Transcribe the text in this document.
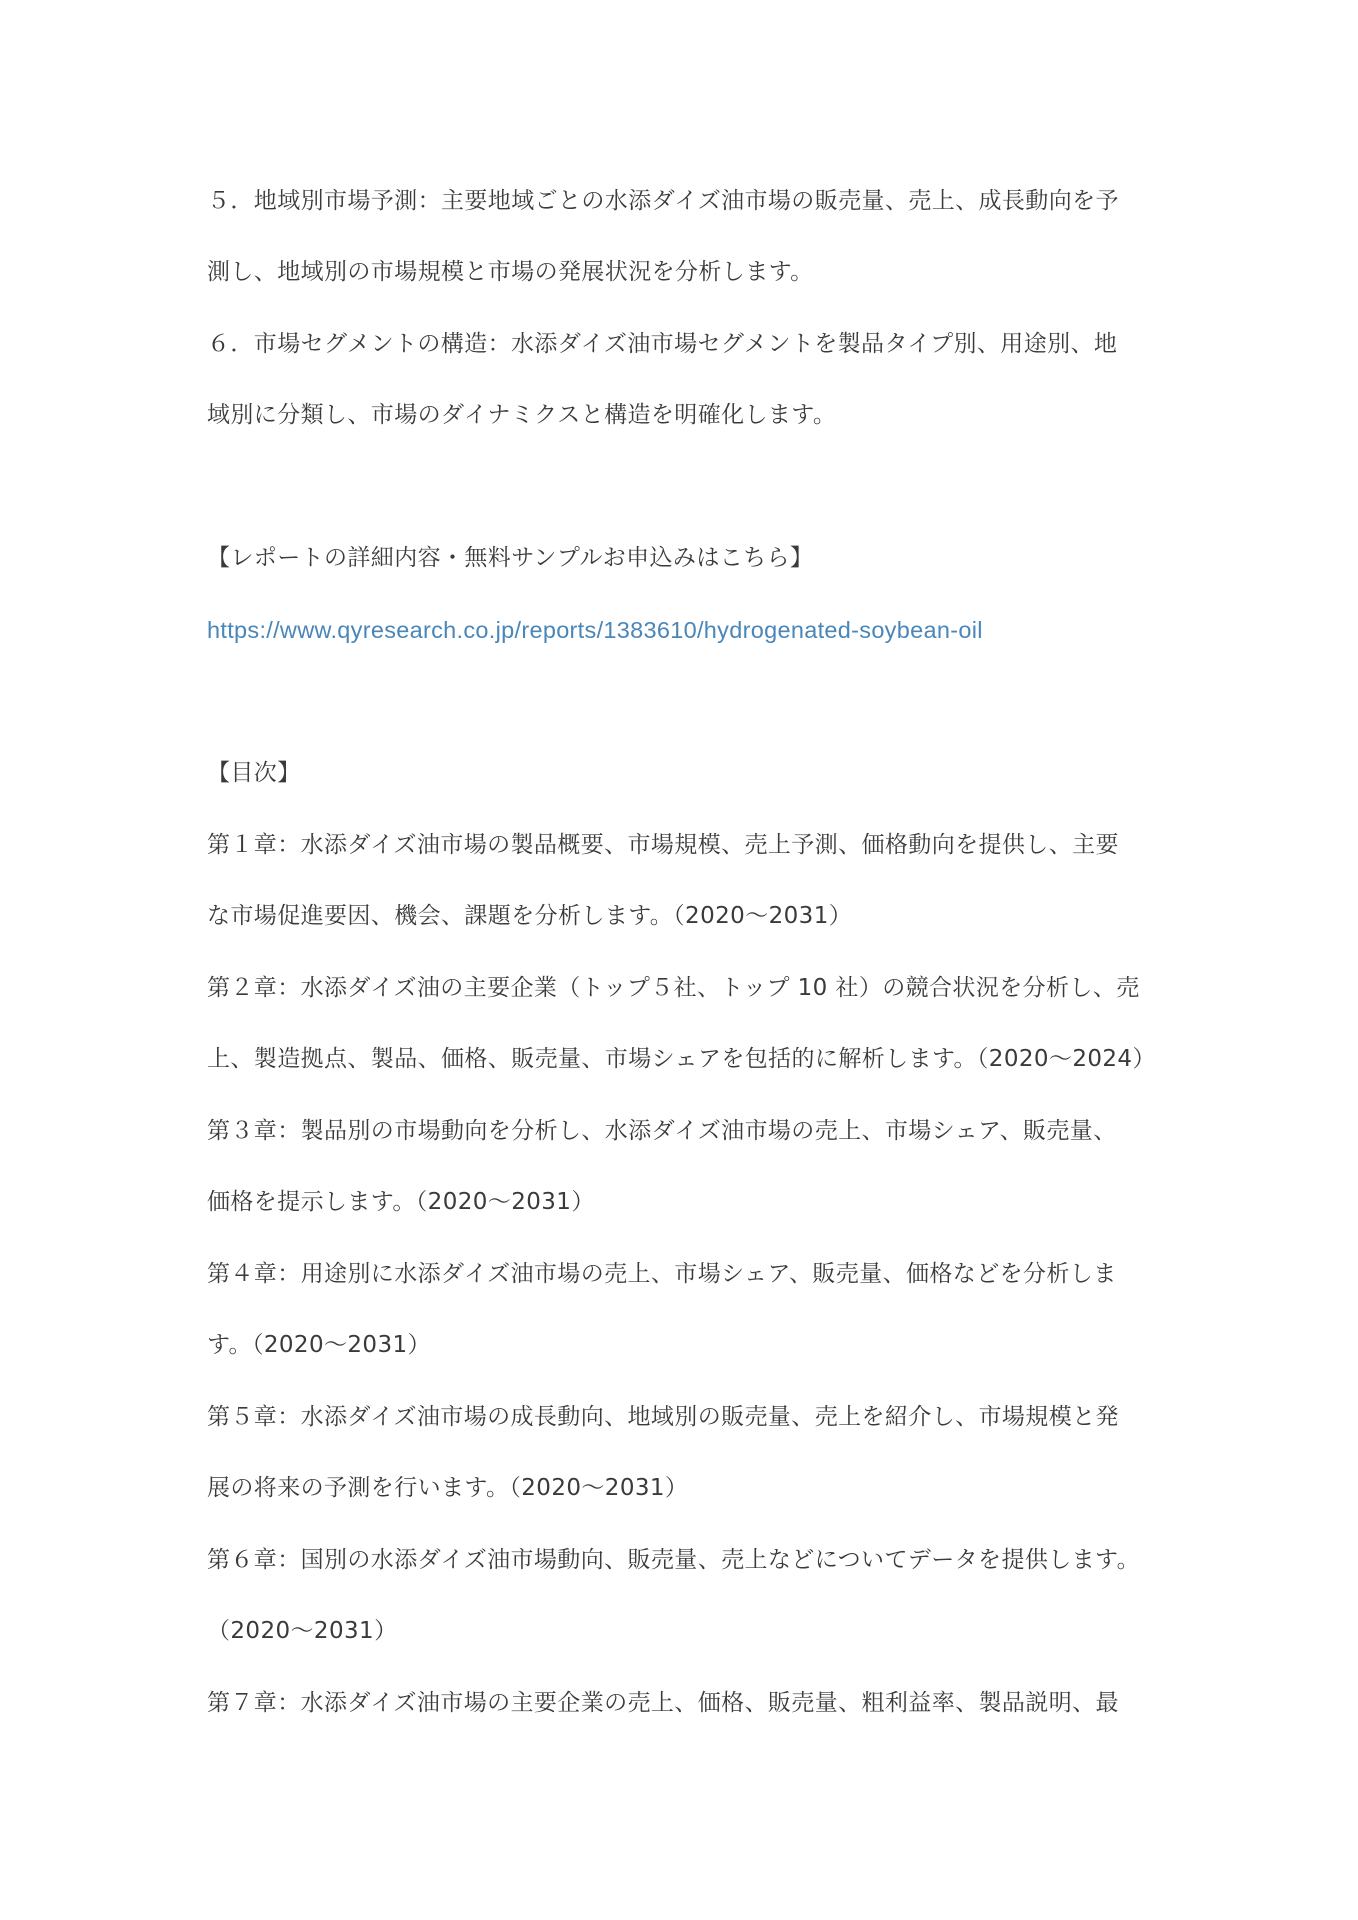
５．地域別市場予測：主要地域ごとの水添ダイズ油市場の販売量、売上、成長動向を予
測し、地域別の市場規模と市場の発展状況を分析します。
６．市場セグメントの構造：水添ダイズ油市場セグメントを製品タイプ別、用途別、地
域別に分類し、市場のダイナミクスと構造を明確化します。
【レポートの詳細内容・無料サンプルお申込みはこちら】
https://www.qyresearch.co.jp/reports/1383610/hydrogenated-soybean-oil
【目次】
第１章：水添ダイズ油市場の製品概要、市場規模、売上予測、価格動向を提供し、主要
な市場促進要因、機会、課題を分析します。（2020～2031）
第２章：水添ダイズ油の主要企業（トップ５社、トップ 10 社）の競合状況を分析し、売
上、製造拠点、製品、価格、販売量、市場シェアを包括的に解析します。（2020～2024）
第３章：製品別の市場動向を分析し、水添ダイズ油市場の売上、市場シェア、販売量、
価格を提示します。（2020～2031）
第４章：用途別に水添ダイズ油市場の売上、市場シェア、販売量、価格などを分析しま
す。（2020～2031）
第５章：水添ダイズ油市場の成長動向、地域別の販売量、売上を紹介し、市場規模と発
展の将来の予測を行います。（2020～2031）
第６章：国別の水添ダイズ油市場動向、販売量、売上などについてデータを提供します。
（2020～2031）
第７章：水添ダイズ油市場の主要企業の売上、価格、販売量、粗利益率、製品説明、最
